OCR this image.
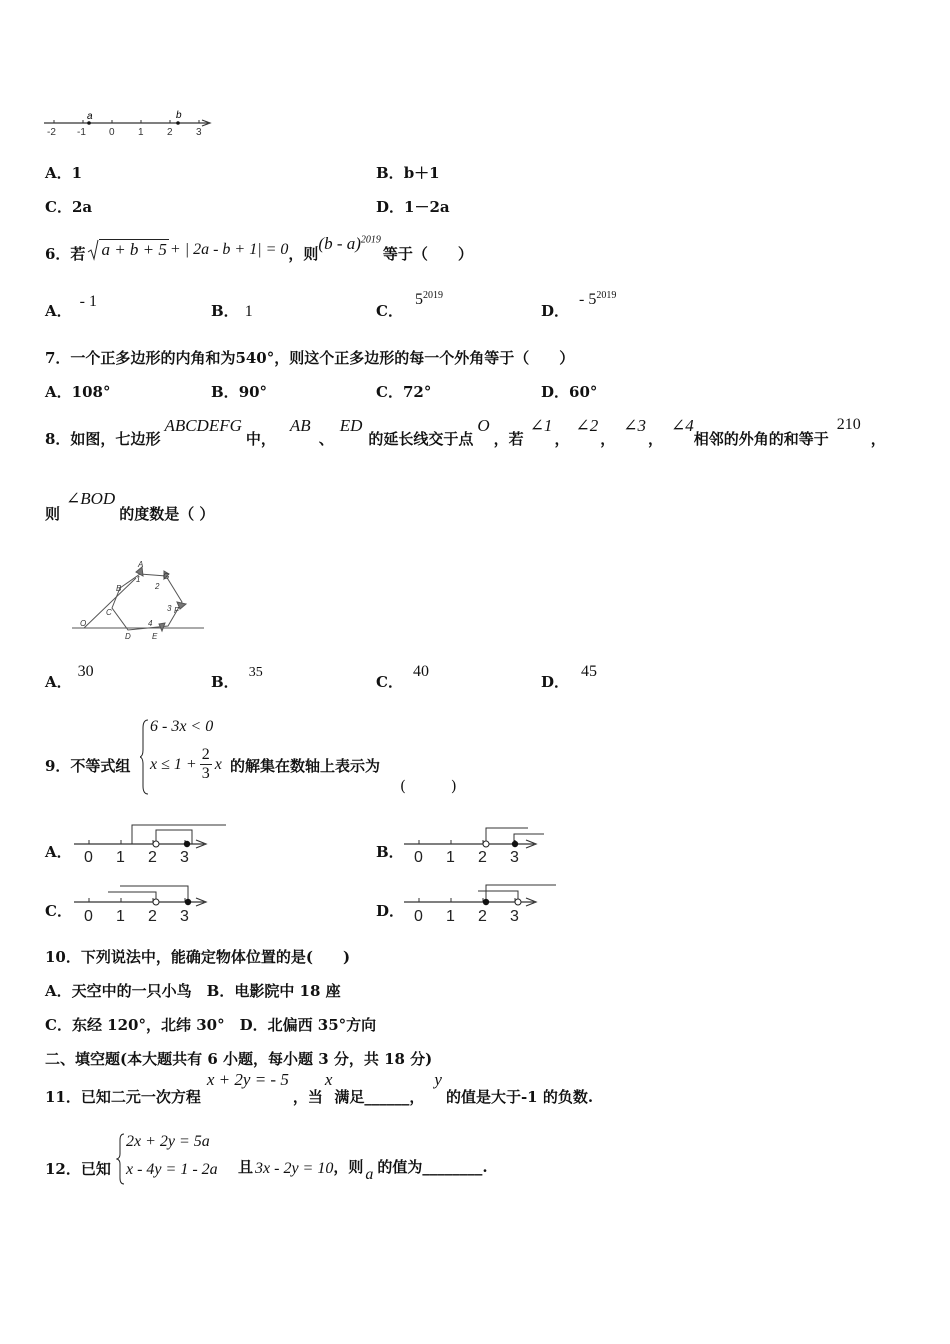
a	b
-2 -1 0 1 2 3
A．1	B．b＋1
C．2a	D．1－2a
6．若 a + b + 5 + | 2a - b + 1| = 0 ，则
(b - a)$^{2019}$
等于（　　）
A．- 1
B． 1	C．$5^{2019}$
D．- $5^{2019}$
7．一个正多边形的内角和为540°，则这个正多边形的每一个外角等于（　　）
A．108°	B．90°	C．72°	D．60°
8．如图，七边形
ABCDEFG
中，
AB
、
ED
的延长线交于点
O
，若
∠1
，
∠2
，
∠3
，
∠4
相邻的外角的和等于
210
，
则
∠BOD
的度数是（ ）
A
B
C
D	E
F
G
O
1
2
3
4
A．30
B．35
C．40
D．45
9．不等式组
6 - 3x < 0
$x \le 1 + \frac{2}{3}$ x 的解集在数轴上表示为
(　　　)
A． 0 1 2 3	B． 0 1 2 3
C． 0 1 2 3	D． 0 1 2 3
10．下列说法中，能确定物体位置的是(　　)
A．天空中的一只小鸟　B．电影院中 18 座
C．东经 120°，北纬 30°　D．北偏西 35°方向
二、填空题(本大题共有 6 小题，每小题 3 分，共 18 分)
11．已知二元一次方程
x + 2y = - 5
，当
x
满足______，
y
的值是大于-1 的负数.
12．已知
2x + 2y = 5a
x - 4y = 1 - 2a 且 3x - 2y = 10 ，则 a 的值为________.
